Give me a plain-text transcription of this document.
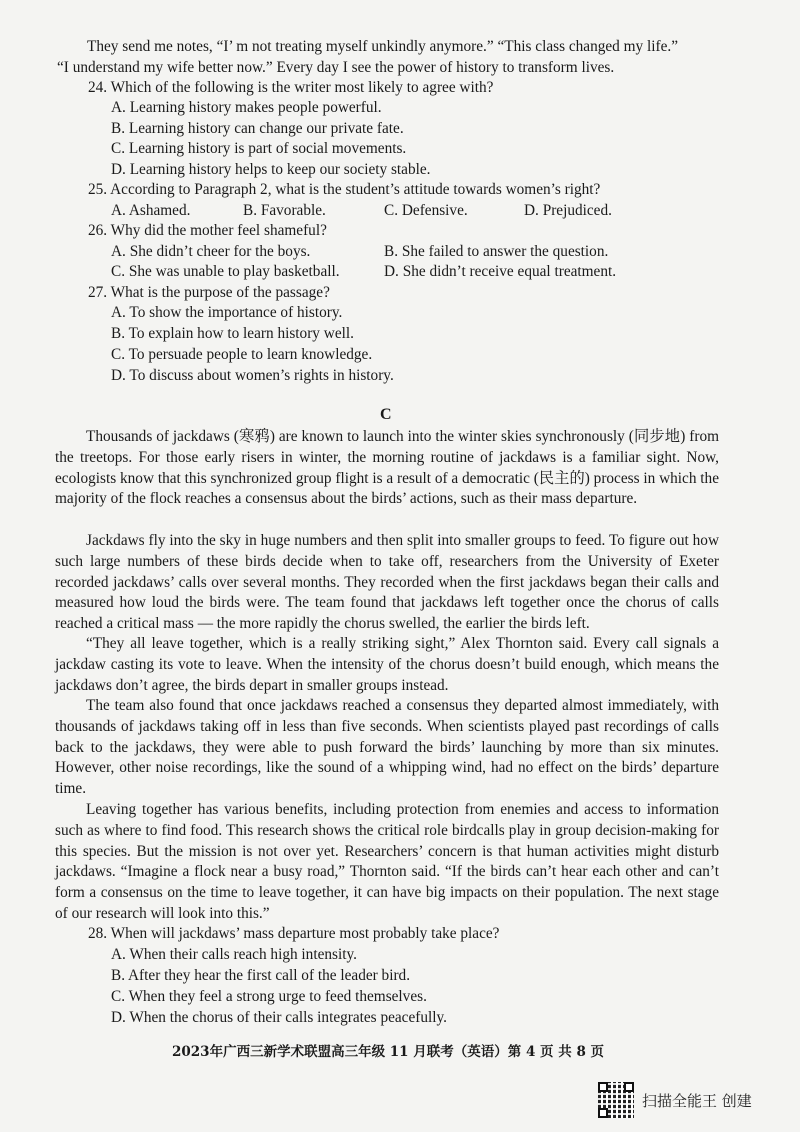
They send me notes, “I’ m not treating myself unkindly anymore.” “This class changed my life.”
“I understand my wife better now.” Every day I see the power of history to transform lives.
24. Which of the following is the writer most likely to agree with?
A. Learning history makes people powerful.
B. Learning history can change our private fate.
C. Learning history is part of social movements.
D. Learning history helps to keep our society stable.
25. According to Paragraph 2, what is the student’s attitude towards women’s right?
A. Ashamed.	B. Favorable.	C. Defensive.	D. Prejudiced.
26. Why did the mother feel shameful?
A. She didn’t cheer for the boys.	B. She failed to answer the question.
C. She was unable to play basketball.	D. She didn’t receive equal treatment.
27. What is the purpose of the passage?
A. To show the importance of history.
B. To explain how to learn history well.
C. To persuade people to learn knowledge.
D. To discuss about women’s rights in history.
C
Thousands of jackdaws (寒鸦) are known to launch into the winter skies synchronously (同步地) from the treetops. For those early risers in winter, the morning routine of jackdaws is a familiar sight. Now, ecologists know that this synchronized group flight is a result of a democratic (民主的) process in which the majority of the flock reaches a consensus about the birds’ actions, such as their mass departure.
Jackdaws fly into the sky in huge numbers and then split into smaller groups to feed. To figure out how such large numbers of these birds decide when to take off, researchers from the University of Exeter recorded jackdaws’ calls over several months. They recorded when the first jackdaws began their calls and measured how loud the birds were. The team found that jackdaws left together once the chorus of calls reached a critical mass — the more rapidly the chorus swelled, the earlier the birds left.
“They all leave together, which is a really striking sight,” Alex Thornton said. Every call signals a jackdaw casting its vote to leave. When the intensity of the chorus doesn’t build enough, which means the jackdaws don’t agree, the birds depart in smaller groups instead.
The team also found that once jackdaws reached a consensus they departed almost immediately, with thousands of jackdaws taking off in less than five seconds. When scientists played past recordings of calls back to the jackdaws, they were able to push forward the birds’ launching by more than six minutes. However, other noise recordings, like the sound of a whipping wind, had no effect on the birds’ departure time.
Leaving together has various benefits, including protection from enemies and access to information such as where to find food. This research shows the critical role birdcalls play in group decision-making for this species. But the mission is not over yet. Researchers’ concern is that human activities might disturb jackdaws. “Imagine a flock near a busy road,” Thornton said. “If the birds can’t hear each other and can’t form a consensus on the time to leave together, it can have big impacts on their population. The next stage of our research will look into this.”
28. When will jackdaws’ mass departure most probably take place?
A. When their calls reach high intensity.
B. After they hear the first call of the leader bird.
C. When they feel a strong urge to feed themselves.
D. When the chorus of their calls integrates peacefully.
2023年广西三新学术联盟高三年级 11 月联考（英语）第 4 页 共 8 页
扫描全能王 创建
